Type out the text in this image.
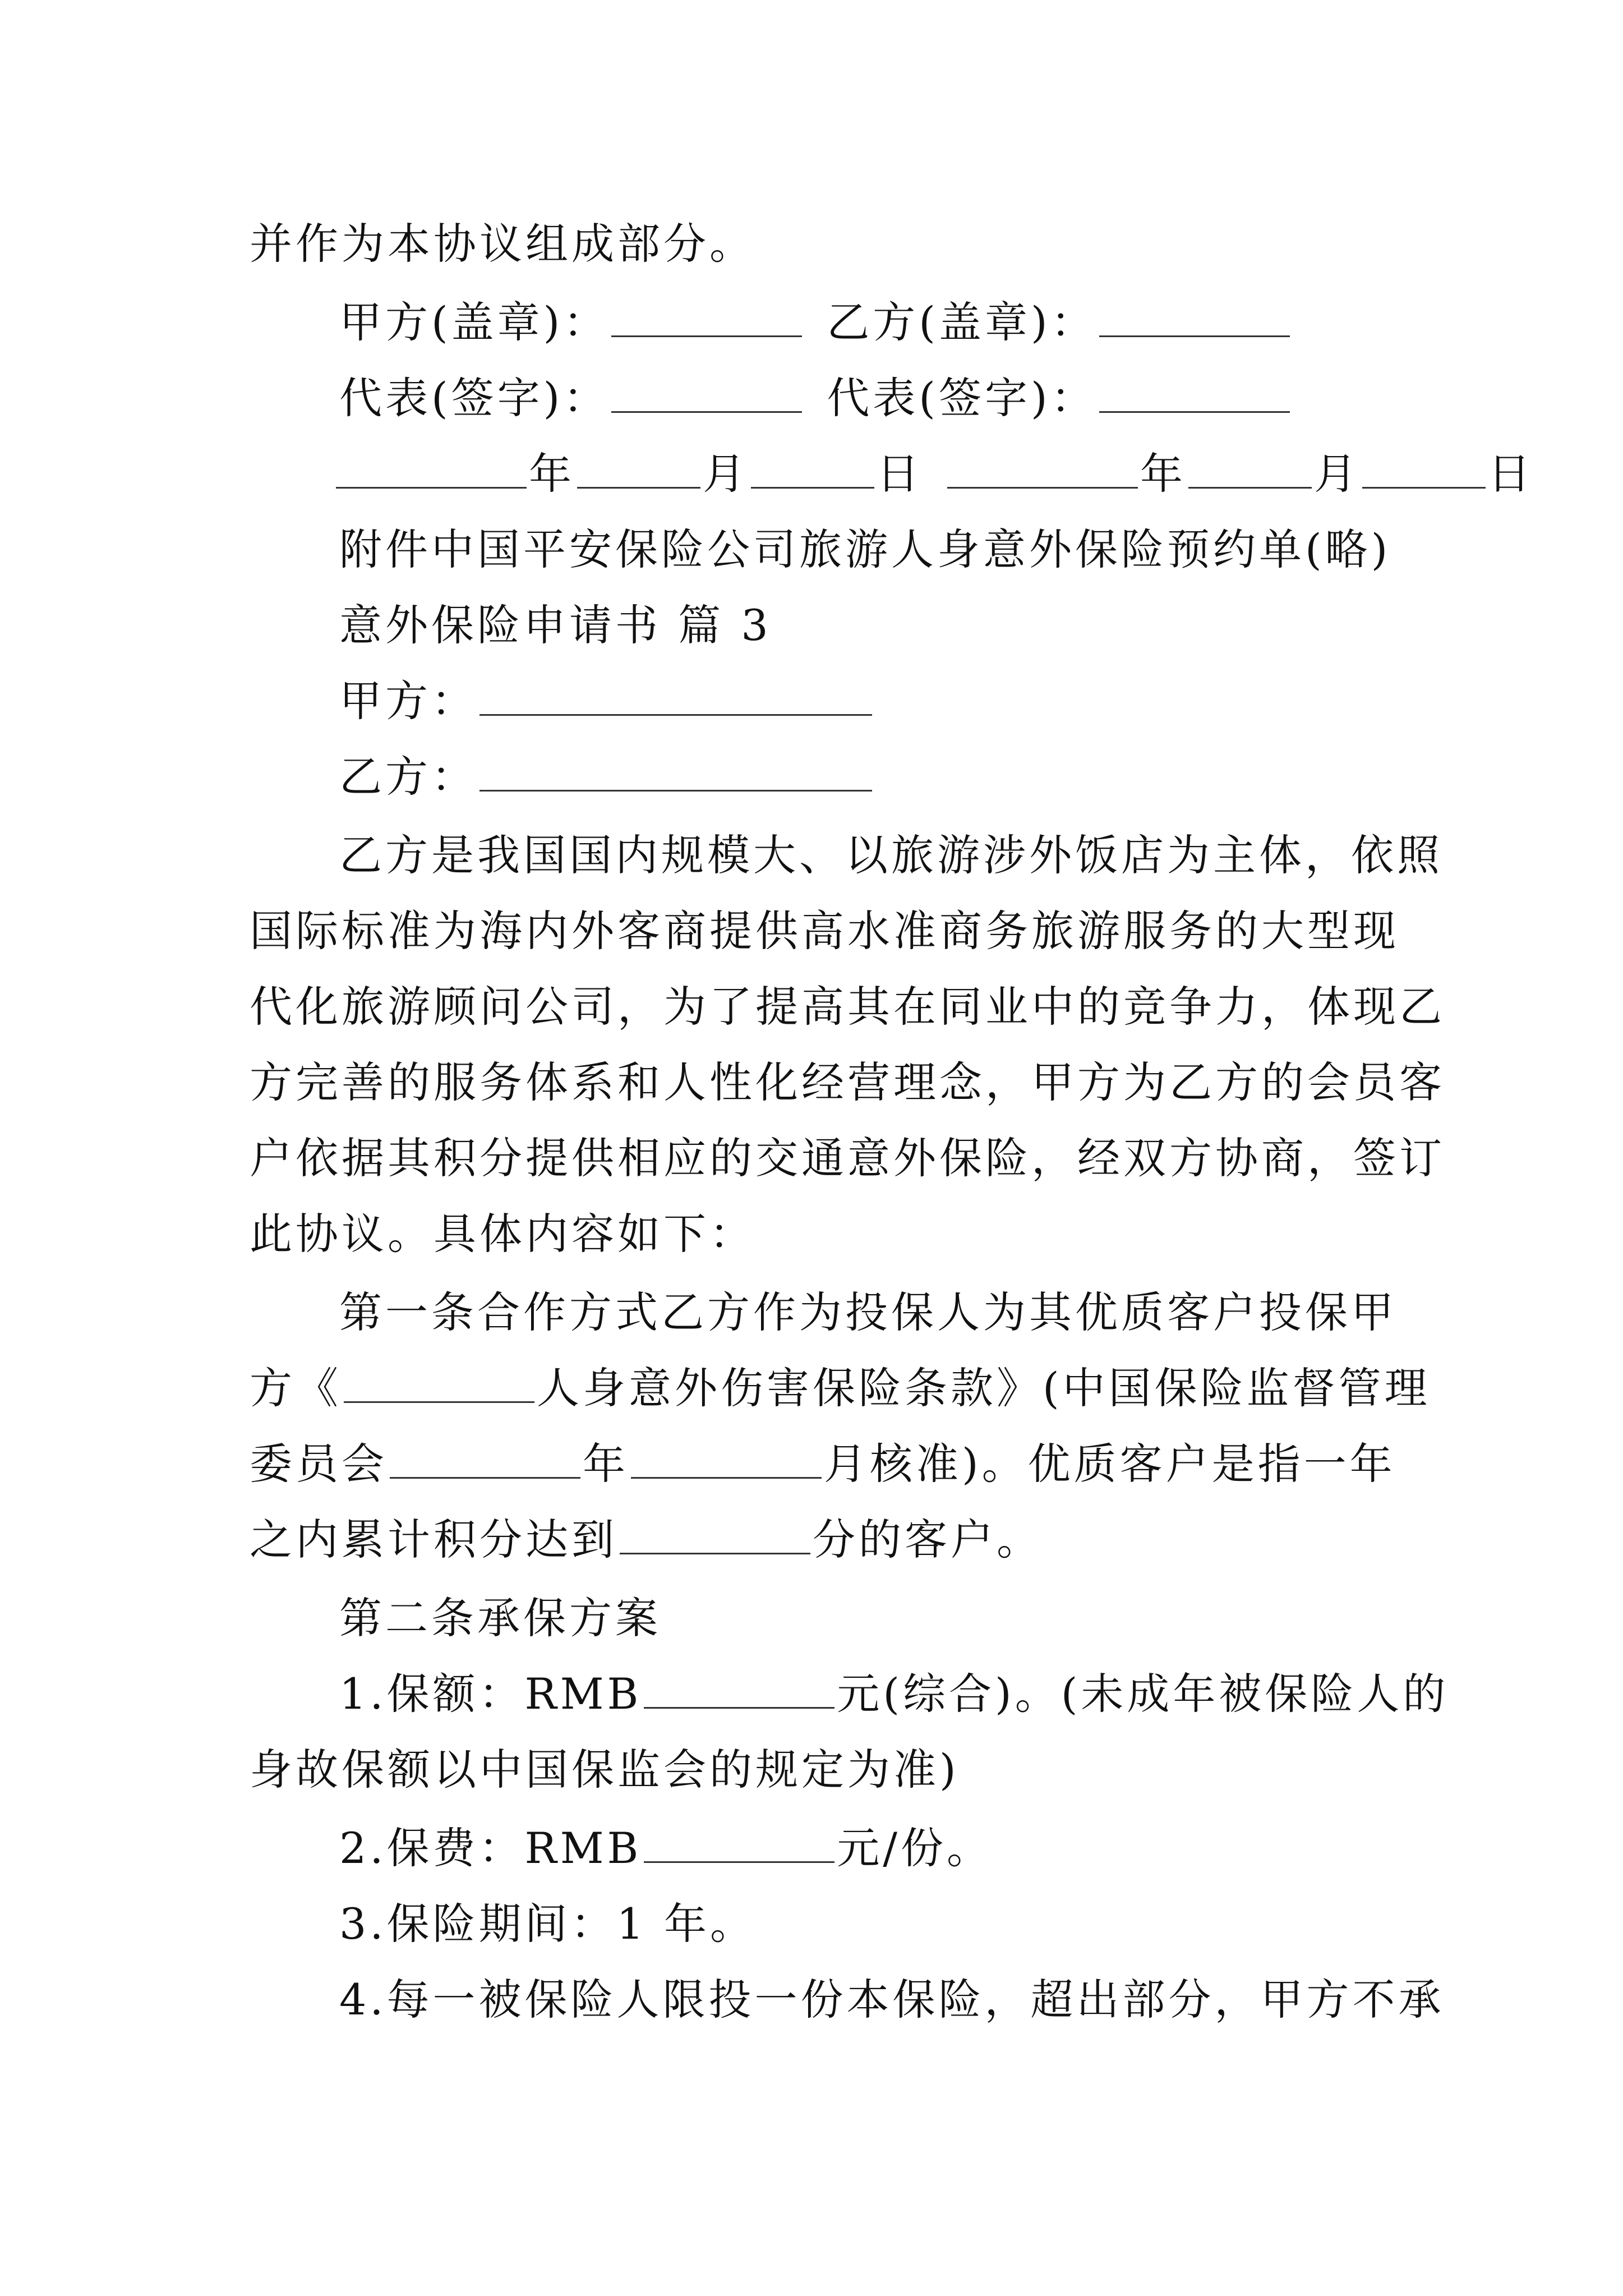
并作为本协议组成部分。
甲方(盖章)：	乙方(盖章)：
代表(签字)：	代表(签字)：
年	月	日	年	月	日
附件中国平安保险公司旅游人身意外保险预约单(略)
意外保险申请书 篇 3
甲方：
乙方：
乙方是我国国内规模大、以旅游涉外饭店为主体，依照
国际标准为海内外客商提供高水准商务旅游服务的大型现
代化旅游顾问公司，为了提高其在同业中的竞争力，体现乙
方完善的服务体系和人性化经营理念，甲方为乙方的会员客
户依据其积分提供相应的交通意外保险，经双方协商，签订
此协议。具体内容如下：
第一条合作方式乙方作为投保人为其优质客户投保甲
方《	人身意外伤害保险条款》(中国保险监督管理
委员会	年	月核准)。优质客户是指一年
之内累计积分达到	分的客户。
第二条承保方案
1.保额：RMB	元(综合)。(未成年被保险人的
身故保额以中国保监会的规定为准)
2.保费：RMB	元/份。
3.保险期间：1 年。
4.每一被保险人限投一份本保险，超出部分，甲方不承
